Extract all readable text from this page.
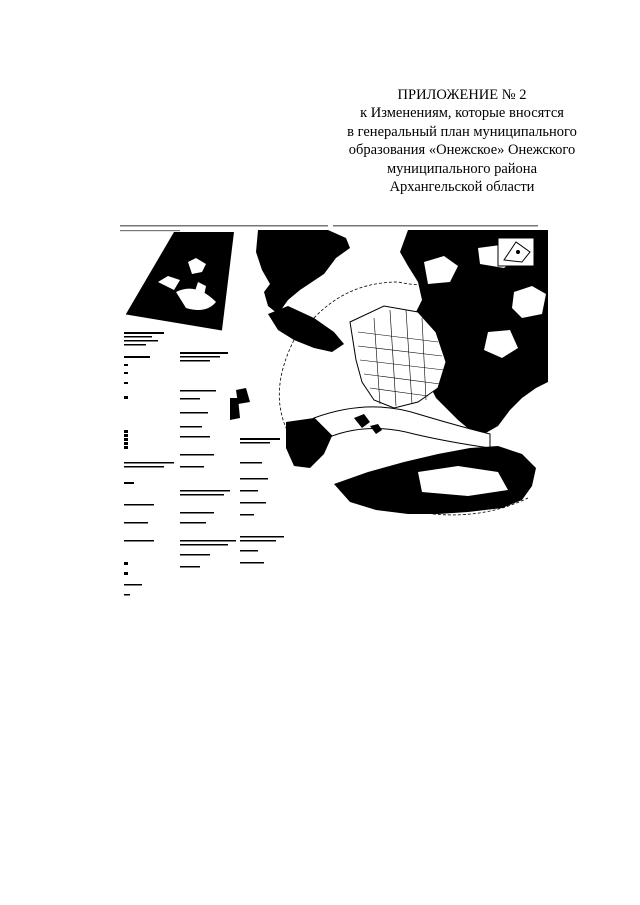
ПРИЛОЖЕНИЕ № 2
к Изменениям, которые вносятся
в генеральный план муниципального
образования «Онежское» Онежского
муниципального района
Архангельской области
